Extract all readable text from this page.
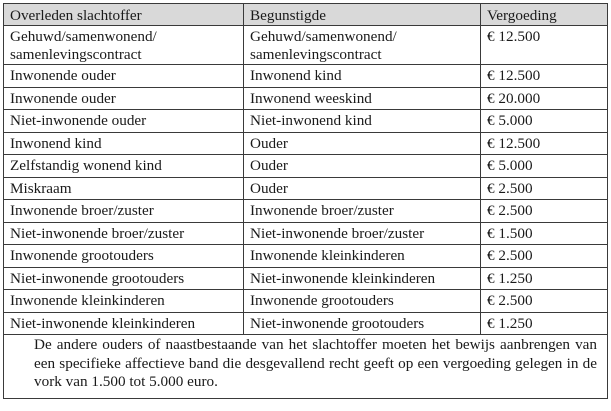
Overleden slachtoffer	Begunstigde	Vergoeding
Gehuwd/samenwonend/ samenlevingscontract	Gehuwd/samenwonend/ samenlevingscontract	€ 12.500
Inwonende ouder	Inwonend kind	€ 12.500
Inwonende ouder	Inwonend weeskind	€ 20.000
Niet-inwonende ouder	Niet-inwonend kind	€ 5.000
Inwonend kind	Ouder	€ 12.500
Zelfstandig wonend kind	Ouder	€ 5.000
Miskraam	Ouder	€ 2.500
Inwonende broer/zuster	Inwonende broer/zuster	€ 2.500
Niet-inwonende broer/zuster	Niet-inwonende broer/zuster	€ 1.500
Inwonende grootouders	Inwonende kleinkinderen	€ 2.500
Niet-inwonende grootouders	Niet-inwonende kleinkinderen	€ 1.250
Inwonende kleinkinderen	Inwonende grootouders	€ 2.500
Niet-inwonende kleinkinderen	Niet-inwonende grootouders	€ 1.250
De andere ouders of naastbestaande van het slachtoffer moeten het bewijs aanbrengen van een specifieke affectieve band die desgevallend recht geeft op een vergoeding gelegen in de vork van 1.500 tot 5.000 euro.		
